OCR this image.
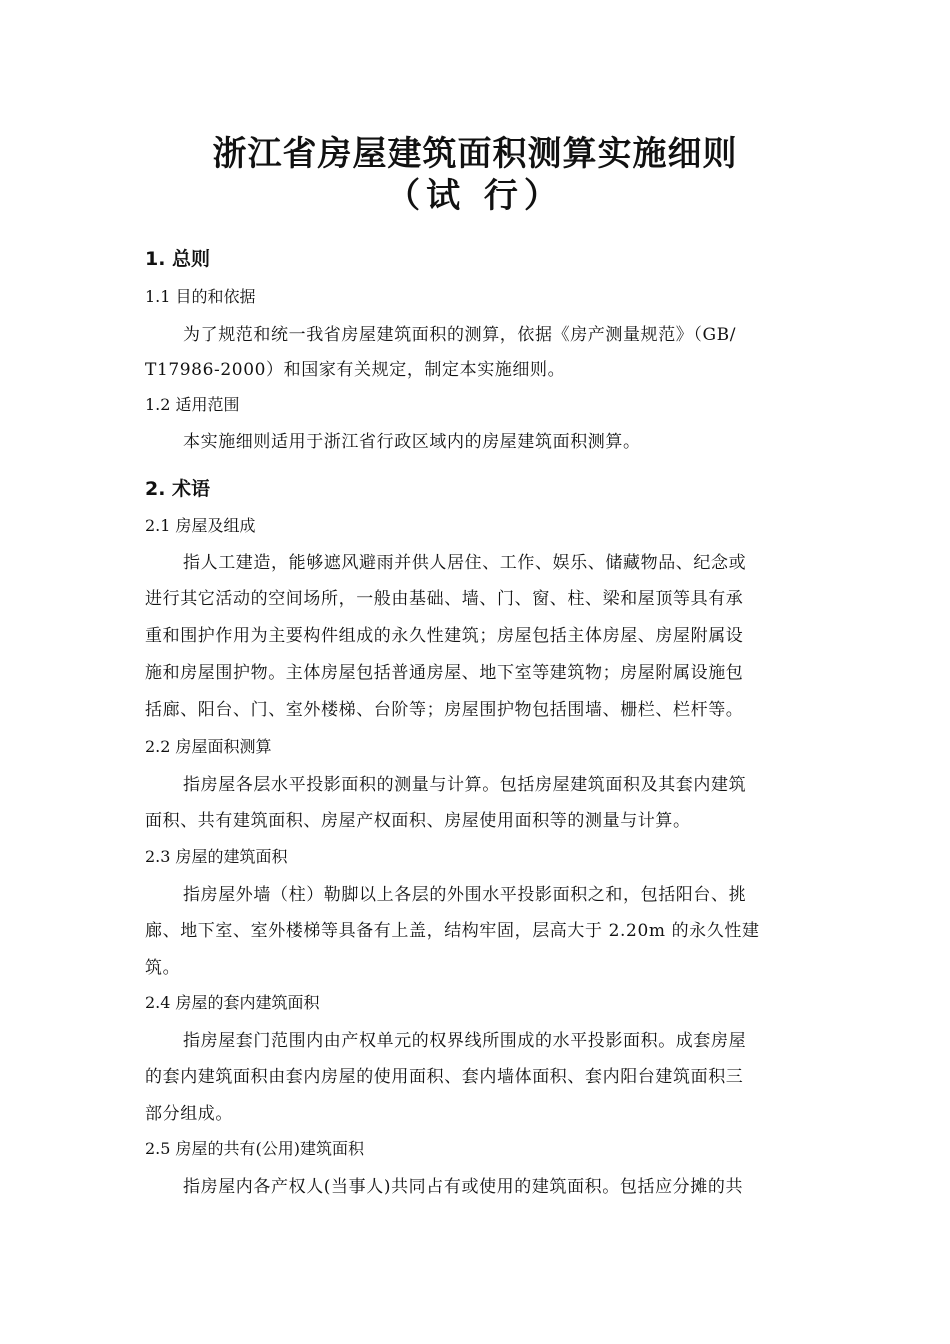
浙江省房屋建筑面积测算实施细则
（试 行）
1. 总则
1.1 目的和依据
为了规范和统一我省房屋建筑面积的测算，依据《房产测量规范》（GB/
T17986-2000）和国家有关规定，制定本实施细则。
1.2 适用范围
本实施细则适用于浙江省行政区域内的房屋建筑面积测算。
2. 术语
2.1 房屋及组成
指人工建造，能够遮风避雨并供人居住、工作、娱乐、储藏物品、纪念或
进行其它活动的空间场所，一般由基础、墙、门、窗、柱、梁和屋顶等具有承
重和围护作用为主要构件组成的永久性建筑；房屋包括主体房屋、房屋附属设
施和房屋围护物。主体房屋包括普通房屋、地下室等建筑物；房屋附属设施包
括廊、阳台、门、室外楼梯、台阶等；房屋围护物包括围墙、栅栏、栏杆等。
2.2 房屋面积测算
指房屋各层水平投影面积的测量与计算。包括房屋建筑面积及其套内建筑
面积、共有建筑面积、房屋产权面积、房屋使用面积等的测量与计算。
2.3 房屋的建筑面积
指房屋外墙（柱）勒脚以上各层的外围水平投影面积之和，包括阳台、挑
廊、地下室、室外楼梯等具备有上盖，结构牢固，层高大于 2.20m 的永久性建
筑。
2.4 房屋的套内建筑面积
指房屋套门范围内由产权单元的权界线所围成的水平投影面积。成套房屋
的套内建筑面积由套内房屋的使用面积、套内墙体面积、套内阳台建筑面积三
部分组成。
2.5 房屋的共有(公用)建筑面积
指房屋内各产权人(当事人)共同占有或使用的建筑面积。包括应分摊的共
